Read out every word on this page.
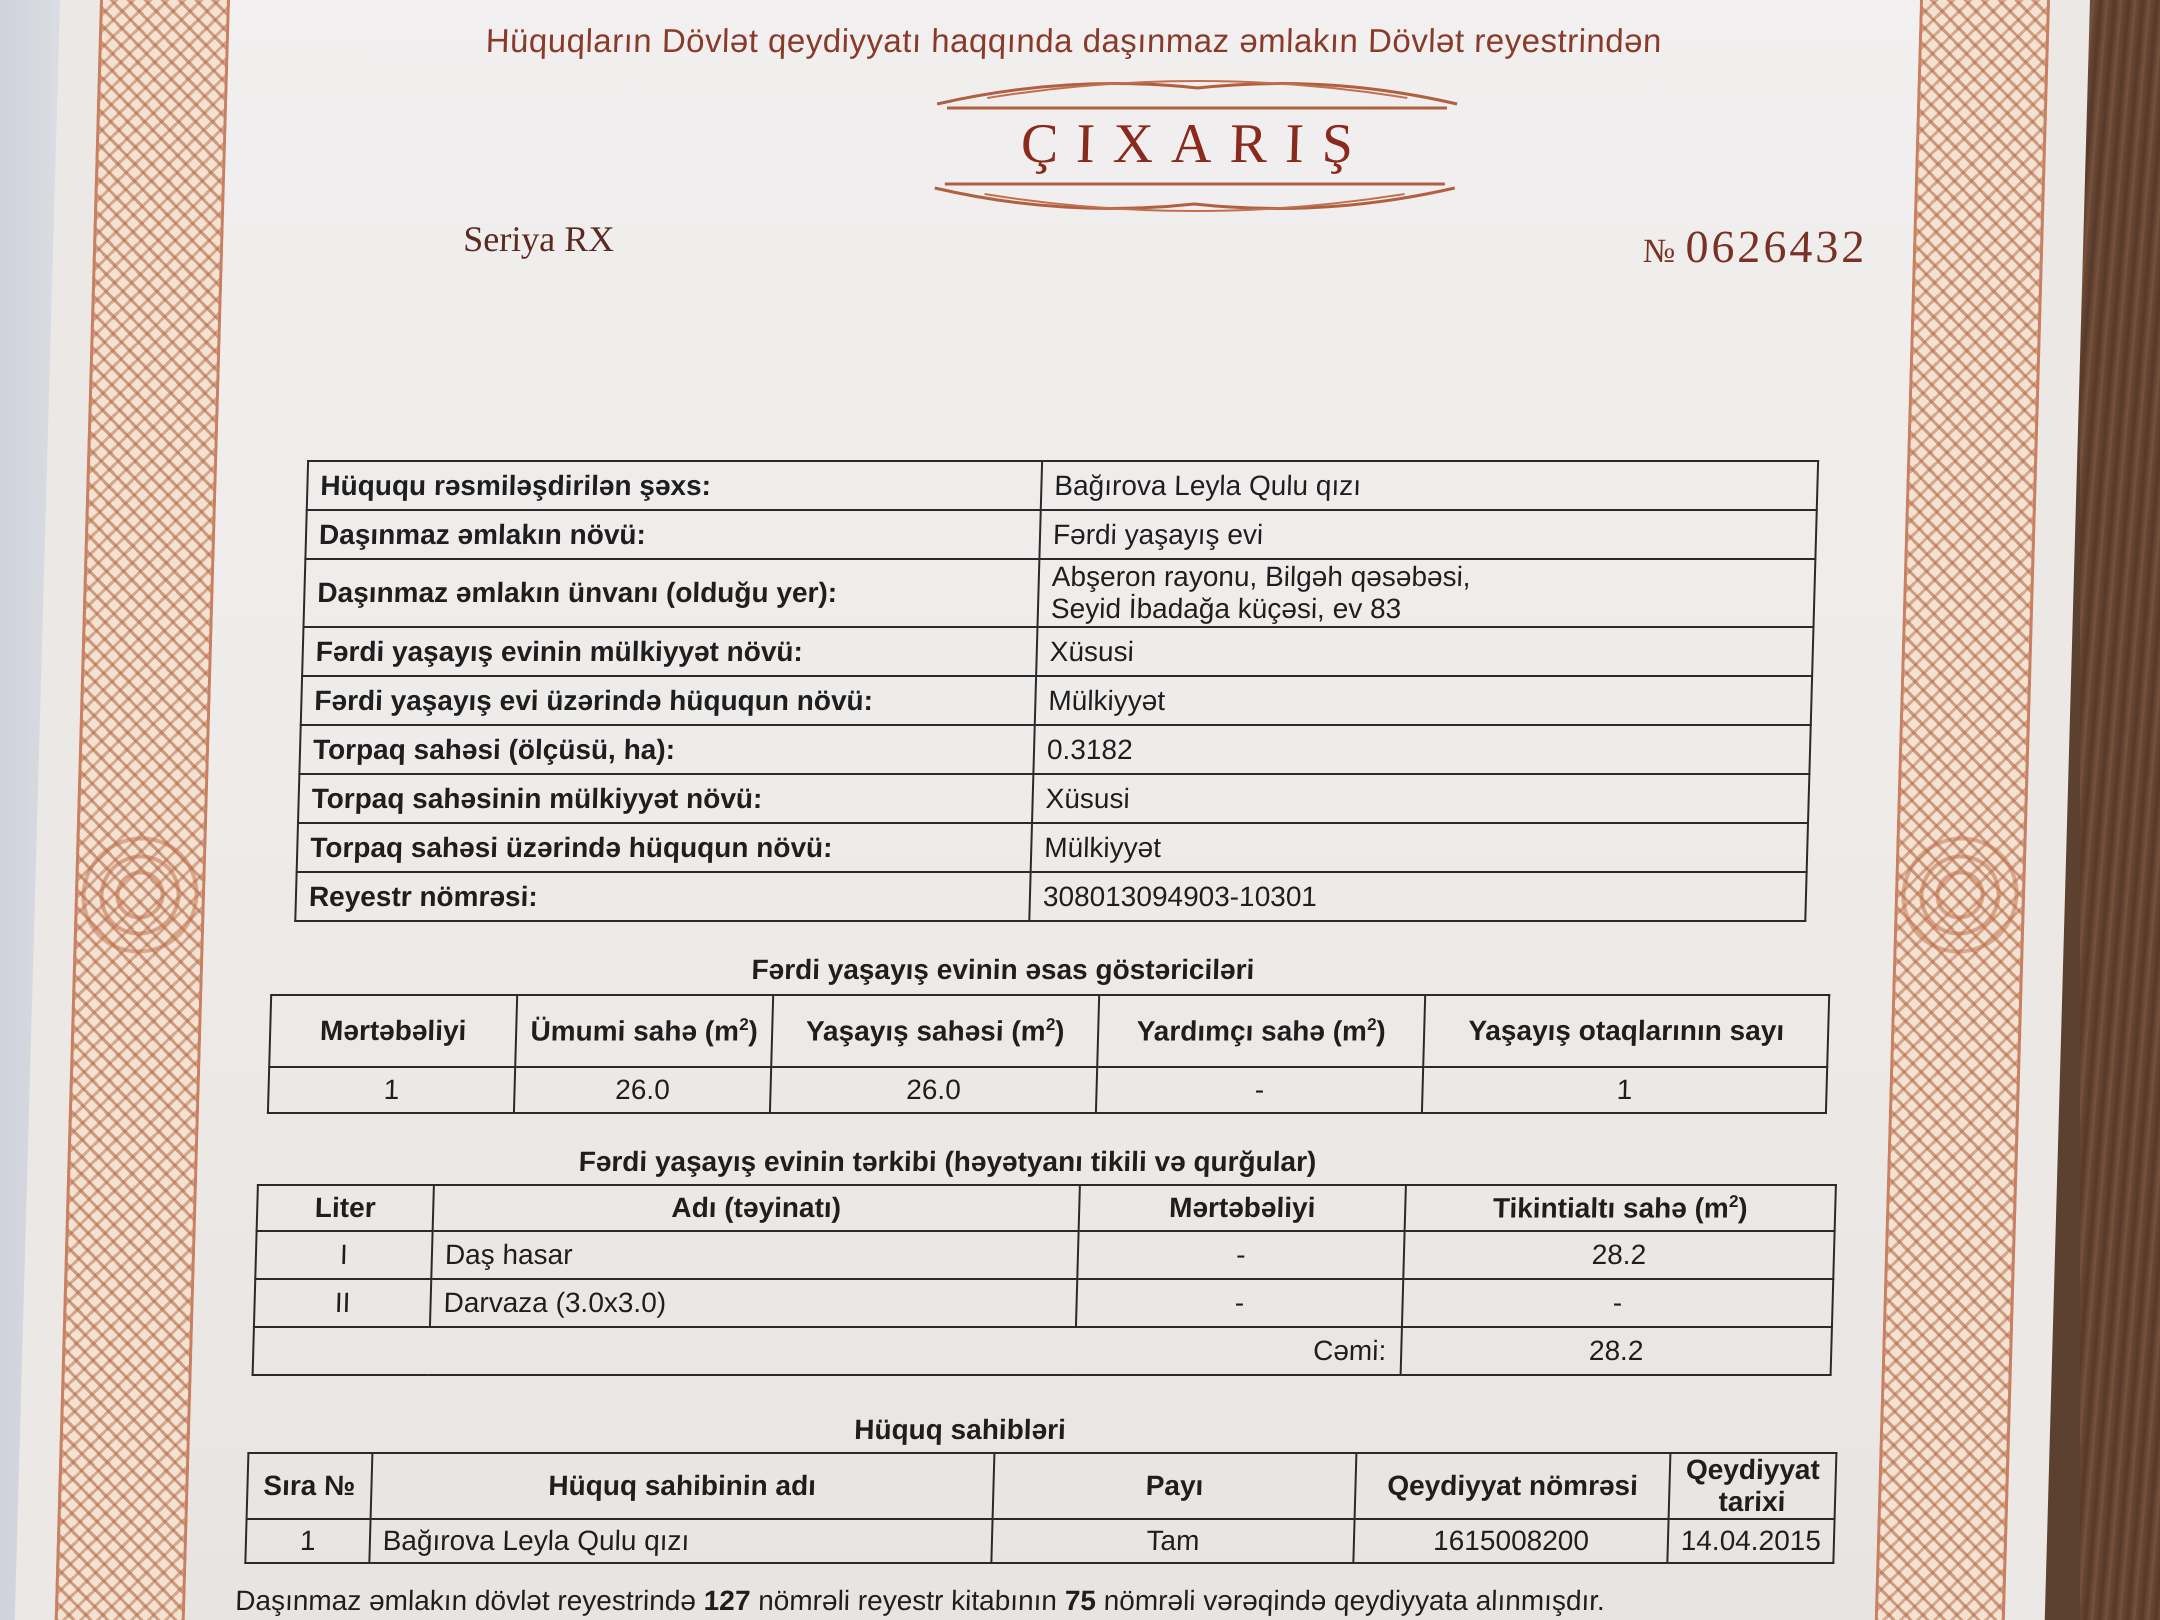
Hüquqların Dövlət qeydiyyatı haqqında daşınmaz əmlakın Dövlət reyestrindən
ÇIXARIŞ
Seriya RX	№ 0626432
Hüququ rəsmiləşdirilən şəxs:	Bağırova Leyla Qulu qızı
Daşınmaz əmlakın növü:	Fərdi yaşayış evi
Daşınmaz əmlakın ünvanı (olduğu yer):	Abşeron rayonu, Bilgəh qəsəbəsi,
Seyid İbadağa küçəsi, ev 83

Fərdi yaşayış evinin mülkiyyət növü:	Xüsusi
Fərdi yaşayış evi üzərində hüququn növü:	Mülkiyyət
Torpaq sahəsi (ölçüsü, ha):	0.3182
Torpaq sahəsinin mülkiyyət növü:	Xüsusi
Torpaq sahəsi üzərində hüququn növü:	Mülkiyyət
Reyestr nömrəsi:	308013094903-10301
Fərdi yaşayış evinin əsas göstəriciləri
Mərtəbəliyi	Ümumi sahə $(m^2)$	Yaşayış sahəsi $(m^2)$	Yardımçı sahə $(m^2)$	Yaşayış otaqlarının sayı
1	26.0	26.0	-	1
Fərdi yaşayış evinin tərkibi (həyətyanı tikili və qurğular)
Liter	Adı (təyinatı)	Mərtəbəliyi	Tikintialtı sahə $(m^2)$
I	Daş hasar	-	28.2
II	Darvaza (3.0x3.0)	-	-
Cəmi:			28.2
Hüquq sahibləri
Sıra №	Hüquq sahibinin adı	Payı	Qeydiyyat nömrəsi	Qeydiyyat tarixi
1	Bağırova Leyla Qulu qızı	Tam	1615008200	14.04.2015
Daşınmaz əmlakın dövlət reyestrində 127 nömrəli reyestr kitabının 75 nömrəli vərəqində qeydiyyata alınmışdır.
